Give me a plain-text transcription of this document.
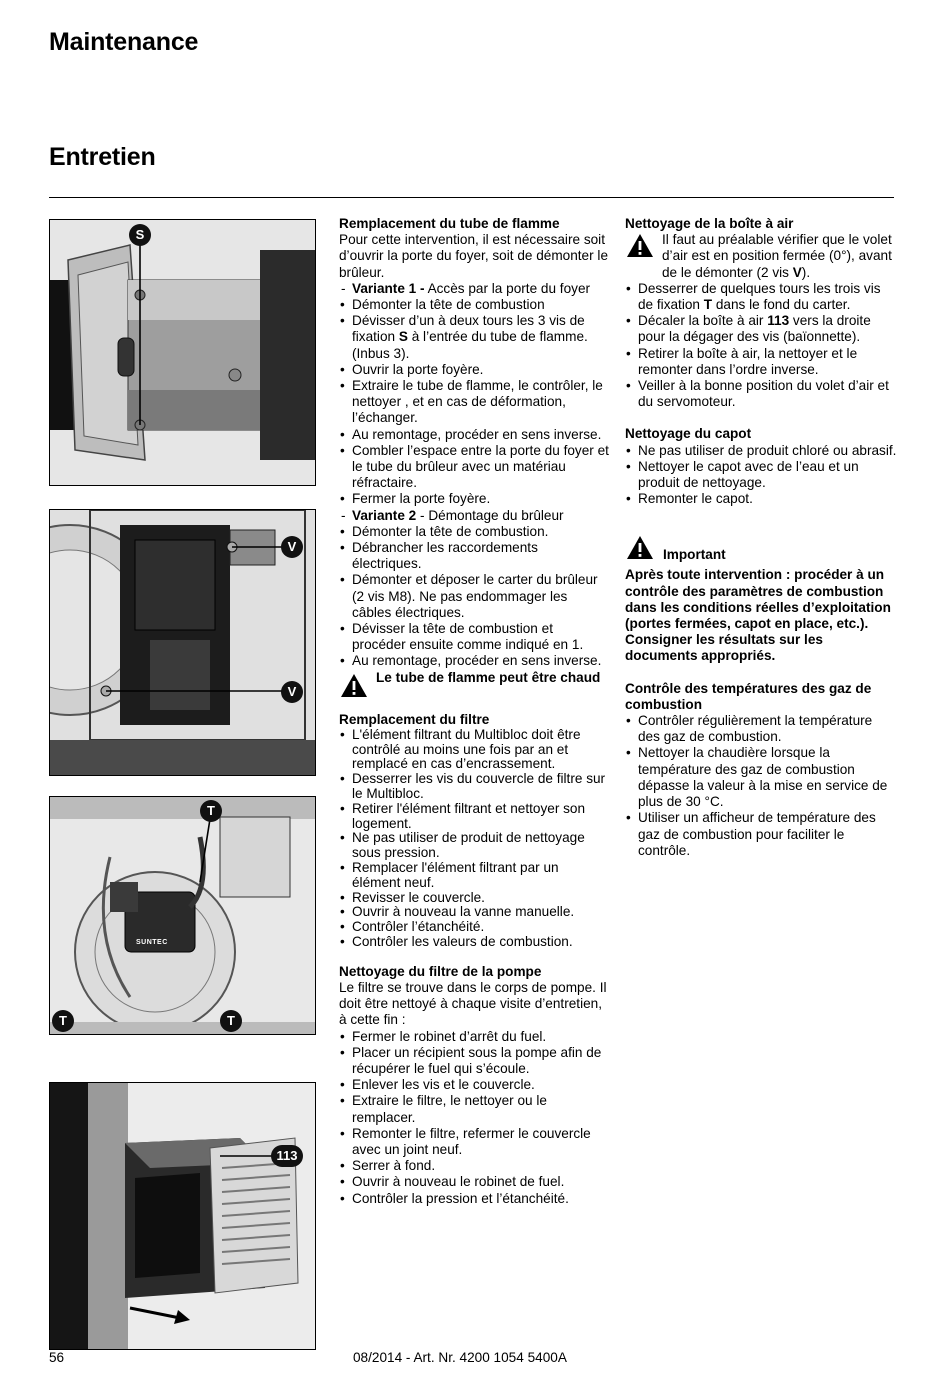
Maintenance
Entretien
S
V
V
T
T	T
SUNTEC
113
Remplacement du tube de flamme

Pour cette intervention, il est nécessaire soit d’ouvrir la porte du foyer, soit de démonter le brûleur.

- Variante 1 - Accès par la porte du foyer
• Démonter la tête de combustion
• Dévisser d’un à deux tours les 3 vis de fixation S à l’entrée du tube de flamme. (Inbus 3).
• Ouvrir la porte foyère.
• Extraire le tube de flamme, le contrôler, le nettoyer , et en cas de déformation, l’échanger.
• Au remontage, procéder en sens inverse.
• Combler l’espace entre la porte du foyer et le tube du brûleur avec un matériau réfractaire.
• Fermer la porte foyère.
- Variante 2 - Démontage du brûleur
• Démonter la tête de combustion.
• Débrancher les raccordements électriques.
• Démonter et déposer le carter du brûleur (2 vis M8). Ne pas endommager les câbles électriques.
• Dévisser la tête de combustion et procéder ensuite comme indiqué en 1.
• Au remontage, procéder en sens inverse.
Le tube de flamme peut être chaud
Remplacement du filtre
• L'élément filtrant du Multibloc doit être contrôlé au moins une fois par an et remplacé en cas d’encrassement.
• Desserrer les vis du couvercle de filtre sur le Multibloc.
• Retirer l'élément filtrant et nettoyer son logement.
• Ne pas utiliser de produit de nettoyage sous pression.
• Remplacer l'élément filtrant par un élément neuf.
• Revisser le couvercle.
• Ouvrir à nouveau la vanne manuelle.
• Contrôler l’étanchéité.
• Contrôler les valeurs de combustion.
Nettoyage du filtre de la pompe

Le filtre se trouve dans le corps de pompe. Il doit être nettoyé à chaque visite d’entretien, à cette fin :

• Fermer le robinet d’arrêt du fuel.
• Placer un récipient sous la pompe afin de récupérer le fuel qui s’écoule.
• Enlever les vis et le couvercle.
• Extraire le filtre, le nettoyer ou le remplacer.
• Remonter le filtre, refermer le couvercle avec un joint neuf.
• Serrer à fond.
• Ouvrir à nouveau le robinet de fuel.
• Contrôler la pression et l’étanchéité.
Nettoyage de la boîte à air
Il faut au préalable vérifier que le volet d’air est en position fermée (0°), avant de le démonter (2 vis V).
• Desserrer de quelques tours les trois vis de fixation T dans le fond du carter.
• Décaler la boîte à air 113 vers la droite pour la dégager des vis (baïonnette).
• Retirer la boîte à air, la nettoyer et le remonter dans l’ordre inverse.
• Veiller à la bonne position du volet d’air et du servomoteur.
Nettoyage du capot
• Ne pas utiliser de produit chloré ou abrasif.
• Nettoyer le capot avec de l’eau et un produit de nettoyage.
• Remonter le capot.
Important

Après toute intervention : procéder à un contrôle des paramètres de combustion dans les conditions réelles d’exploitation (portes fermées, capot en place, etc.). Consigner les résultats sur les documents appropriés.

Contrôle des températures des gaz de combustion
• Contrôler régulièrement la température des gaz de combustion.
• Nettoyer la chaudière lorsque la température des gaz de combustion dépasse la valeur à la mise en service de plus de 30 °C.
• Utiliser un afficheur de température des gaz de combustion pour faciliter le contrôle.
56	08/2014 - Art. Nr. 4200 1054 5400A
